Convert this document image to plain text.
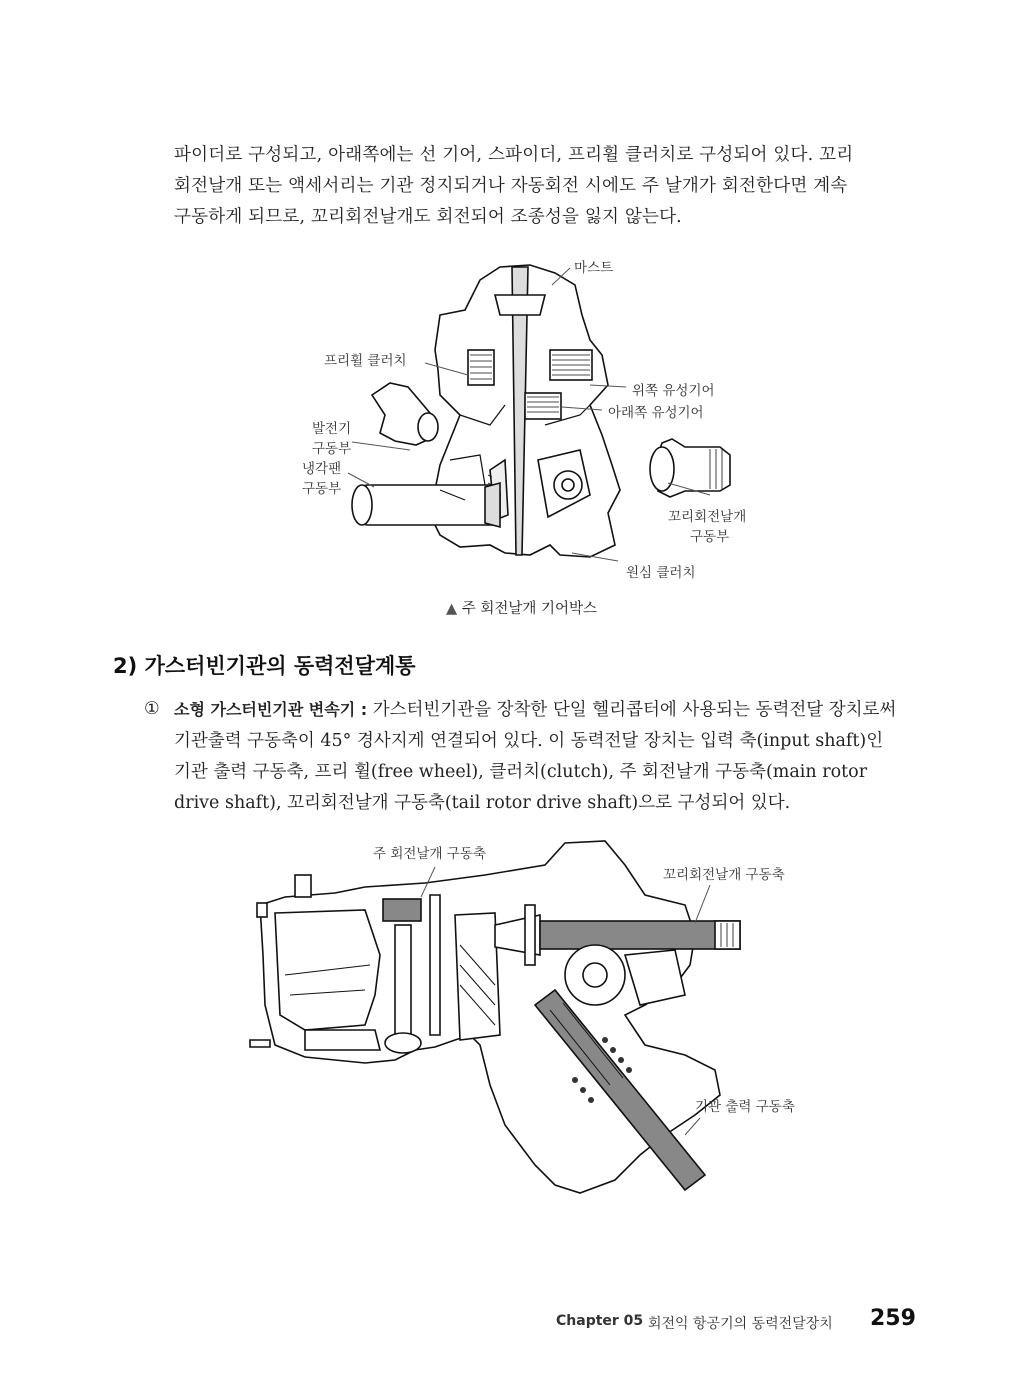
파이더로 구성되고, 아래쪽에는 선 기어, 스파이더, 프리휠 클러치로 구성되어 있다. 꼬리

회전날개 또는 액세서리는 기관 정지되거나 자동회전 시에도 주 날개가 회전한다면 계속

구동하게 되므로, 꼬리회전날개도 회전되어 조종성을 잃지 않는다.

마스트
프리휠 클러치
위쪽 유성기어
아래쪽 유성기어
발전기
구동부
냉각팬
구동부
꼬리회전날개
구동부
원심 클러치
▲ 주 회전날개 기어박스
2) 가스터빈기관의 동력전달계통
① 소형 가스터빈기관 변속기 : 가스터빈기관을 장착한 단일 헬리콥터에 사용되는 동력전달 장치로써
기관출력 구동축이 45° 경사지게 연결되어 있다. 이 동력전달 장치는 입력 축(input shaft)인
기관 출력 구동축, 프리 휠(free wheel), 클러치(clutch), 주 회전날개 구동축(main rotor
drive shaft), 꼬리회전날개 구동축(tail rotor drive shaft)으로 구성되어 있다.
주 회전날개 구동축
꼬리회전날개 구동축
기관 출력 구동축
Chapter 05 회전익 항공기의 동력전달장치 259
